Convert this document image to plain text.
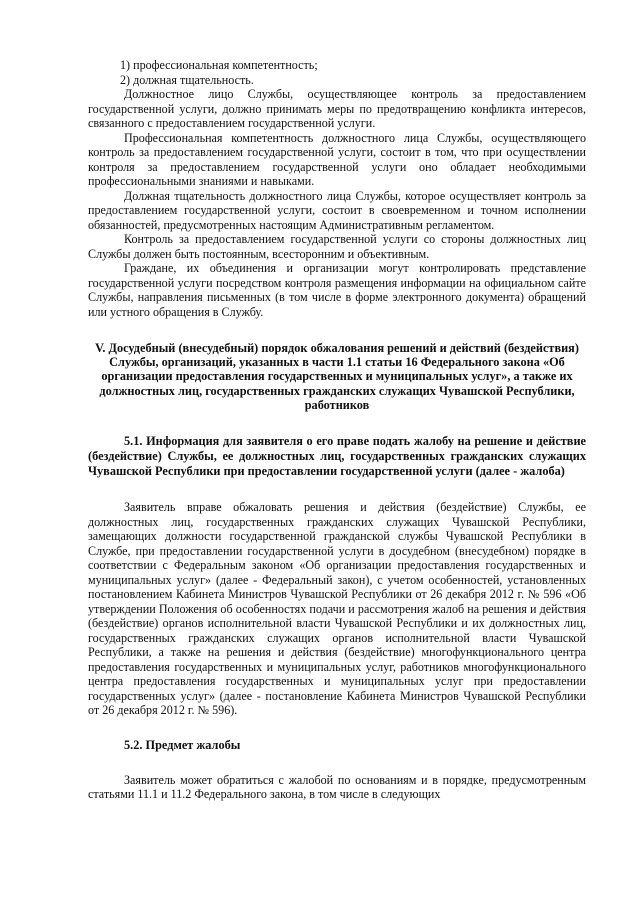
1) профессиональная компетентность;

2) должная тщательность.

Должностное лицо Службы, осуществляющее контроль за предоставлением государственной услуги, должно принимать меры по предотвращению конфликта интересов, связанного с предоставлением государственной услуги.

Профессиональная компетентность должностного лица Службы, осуществляющего контроль за предоставлением государственной услуги, состоит в том, что при осуществлении контроля за предоставлением государственной услуги оно обладает необходимыми профессиональными знаниями и навыками.

Должная тщательность должностного лица Службы, которое осуществляет контроль за предоставлением государственной услуги, состоит в своевременном и точном исполнении обязанностей, предусмотренных настоящим Административным регламентом.

Контроль за предоставлением государственной услуги со стороны должностных лиц Службы должен быть постоянным, всесторонним и объективным.

Граждане, их объединения и организации могут контролировать представление государственной услуги посредством контроля размещения информации на официальном сайте Службы, направления письменных (в том числе в форме электронного документа) обращений или устного обращения в Службу.

V. Досудебный (внесудебный) порядок обжалования решений и действий (бездействия) Службы, организаций, указанных в части 1.1 статьи 16 Федерального закона «Об организации предоставления государственных и муниципальных услуг», а также их должностных лиц, государственных гражданских служащих Чувашской Республики, работников
5.1. Информация для заявителя о его праве подать жалобу на решение и действие (бездействие) Службы, ее должностных лиц, государственных гражданских служащих Чувашской Республики при предоставлении государственной услуги (далее - жалоба)

Заявитель вправе обжаловать решения и действия (бездействие) Службы, ее должностных лиц, государственных гражданских служащих Чувашской Республики, замещающих должности государственной гражданской службы Чувашской Республики в Службе, при предоставлении государственной услуги в досудебном (внесудебном) порядке в соответствии с Федеральным законом «Об организации предоставления государственных и муниципальных услуг» (далее - Федеральный закон), с учетом особенностей, установленных постановлением Кабинета Министров Чувашской Республики от 26 декабря 2012 г. № 596 «Об утверждении Положения об особенностях подачи и рассмотрения жалоб на решения и действия (бездействие) органов исполнительной власти Чувашской Республики и их должностных лиц, государственных гражданских служащих органов исполнительной власти Чувашской Республики, а также на решения и действия (бездействие) многофункционального центра предоставления государственных и муниципальных услуг, работников многофункционального центра предоставления государственных и муниципальных услуг при предоставлении государственных услуг» (далее - постановление Кабинета Министров Чувашской Республики от 26 декабря 2012 г. № 596).

5.2. Предмет жалобы

Заявитель может обратиться с жалобой по основаниям и в порядке, предусмотренным статьями 11.1 и 11.2 Федерального закона, в том числе в следующих
